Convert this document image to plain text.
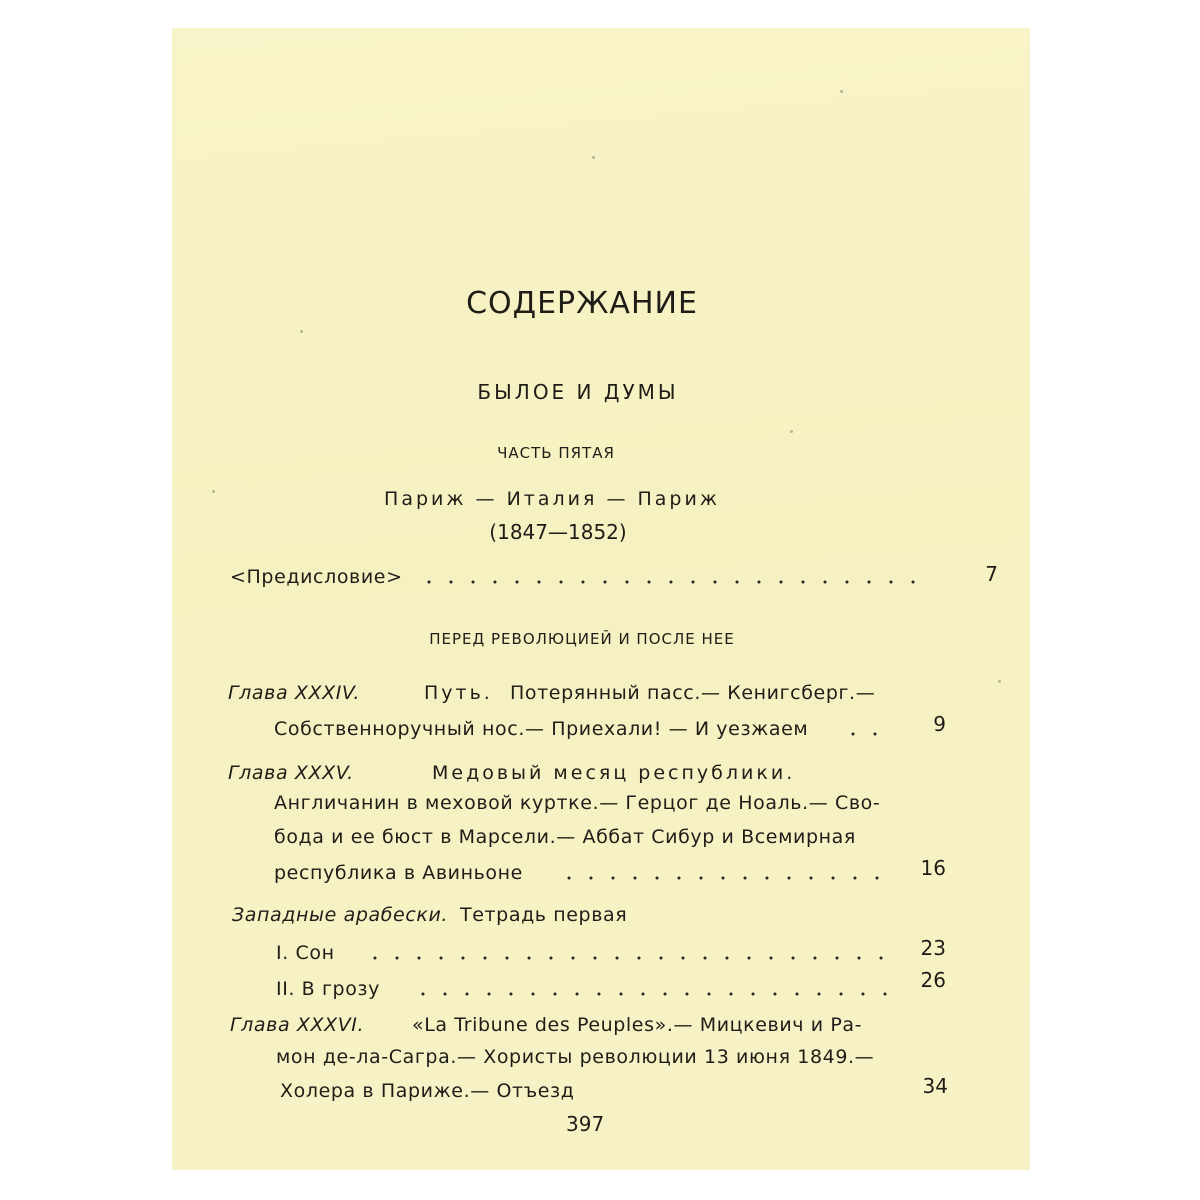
СОДЕРЖАНИЕ
БЫЛОЕ И ДУМЫ
ЧАСТЬ ПЯТАЯ
Париж — Италия — Париж
(1847—1852)
<Предисловие>	7
ПЕРЕД РЕВОЛЮЦИЕЙ И ПОСЛЕ НЕЕ
Глава XXXIV.	Путь. Потерянный пасс.— Кенигсберг.—
Собственноручный нос.— Приехали! — И уезжаем	9
Глава XXXV.	Медовый месяц республики.
Англичанин в меховой куртке.— Герцог де Ноаль.— Сво-
бода и ее бюст в Марсели.— Аббат Сибур и Всемирная
республика в Авиньоне	16
Западные арабески. Тетрадь первая
I. Сон	23
II. В грозу	26
Глава XXXVI.	«La Tribune des Peuples».— Мицкевич и Ра-
мон де-ла-Сагра.— Хористы революции 13 июня 1849.—
Холера в Париже.— Отъезд	34
397
